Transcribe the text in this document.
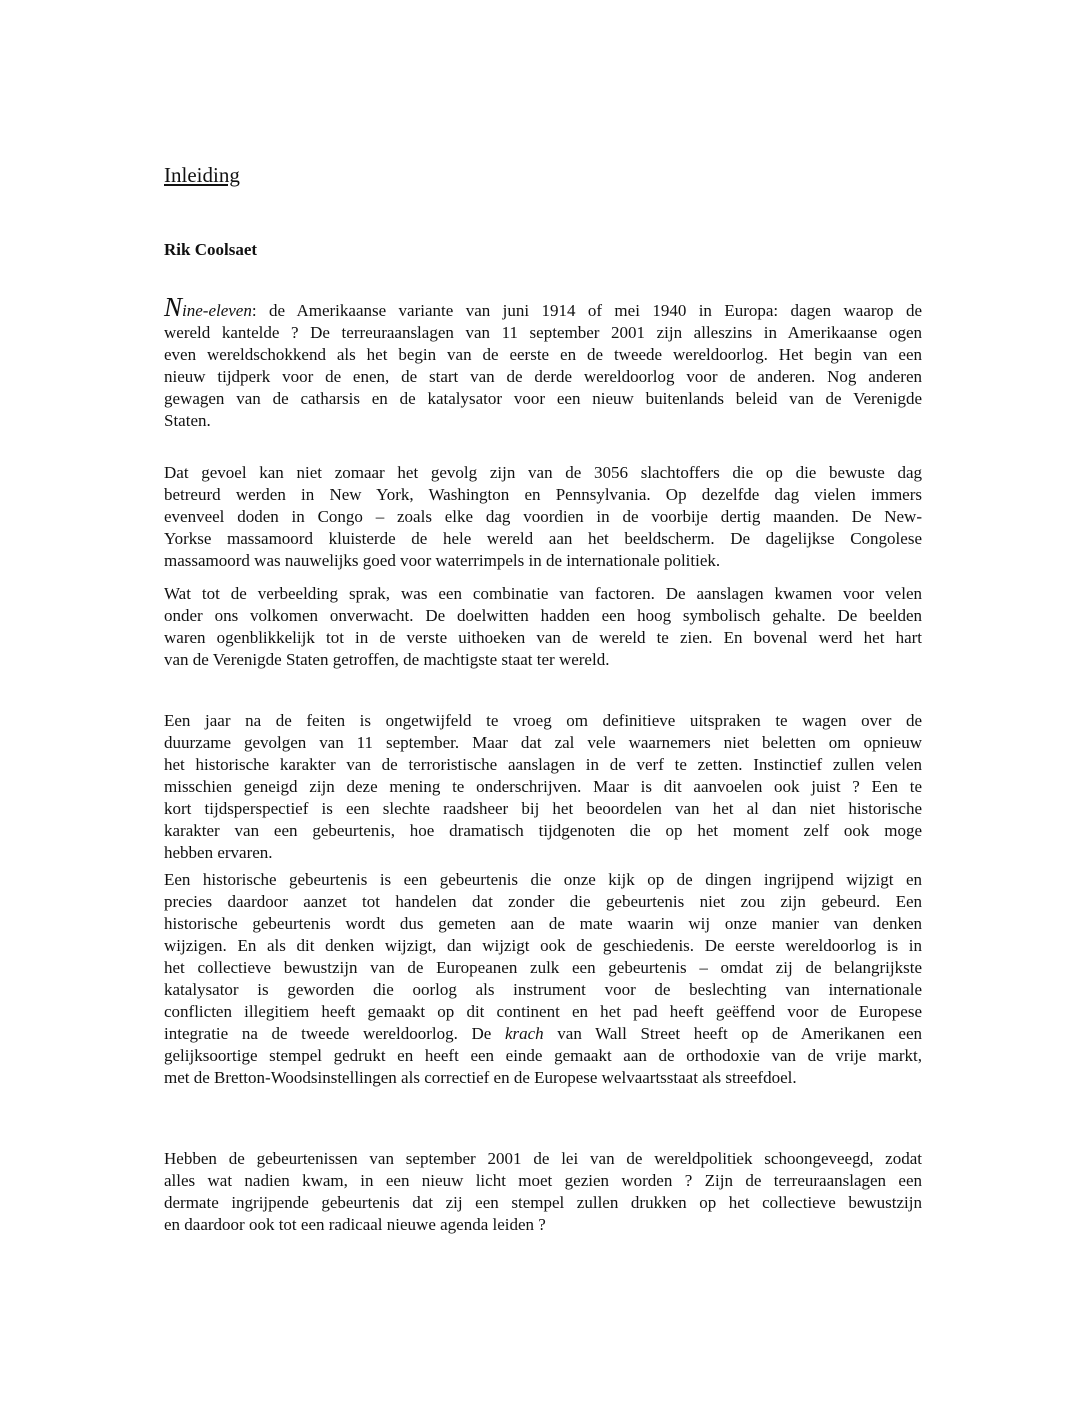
Inleiding
Rik Coolsaet
Nine-eleven: de Amerikaanse variante van juni 1914 of mei 1940 in Europa: dagen waarop de
wereld kantelde ? De terreuraanslagen van 11 september 2001 zijn alleszins in Amerikaanse ogen
even wereldschokkend als het begin van de eerste en de tweede wereldoorlog. Het begin van een
nieuw tijdperk voor de enen, de start van de derde wereldoorlog voor de anderen. Nog anderen
gewagen van de catharsis en de katalysator voor een nieuw buitenlands beleid van de Verenigde
Staten.
Dat gevoel kan niet zomaar het gevolg zijn van de 3056 slachtoffers die op die bewuste dag
betreurd werden in New York, Washington en Pennsylvania. Op dezelfde dag vielen immers
evenveel doden in Congo – zoals elke dag voordien in de voorbije dertig maanden. De New-
Yorkse massamoord kluisterde de hele wereld aan het beeldscherm. De dagelijkse Congolese
massamoord was nauwelijks goed voor waterrimpels in de internationale politiek.
Wat tot de verbeelding sprak, was een combinatie van factoren. De aanslagen kwamen voor velen
onder ons volkomen onverwacht. De doelwitten hadden een hoog symbolisch gehalte. De beelden
waren ogenblikkelijk tot in de verste uithoeken van de wereld te zien. En bovenal werd het hart
van de Verenigde Staten getroffen, de machtigste staat ter wereld.
Een jaar na de feiten is ongetwijfeld te vroeg om definitieve uitspraken te wagen over de
duurzame gevolgen van 11 september. Maar dat zal vele waarnemers niet beletten om opnieuw
het historische karakter van de terroristische aanslagen in de verf te zetten. Instinctief zullen velen
misschien geneigd zijn deze mening te onderschrijven. Maar is dit aanvoelen ook juist ? Een te
kort tijdsperspectief is een slechte raadsheer bij het beoordelen van het al dan niet historische
karakter van een gebeurtenis, hoe dramatisch tijdgenoten die op het moment zelf ook moge
hebben ervaren.
Een historische gebeurtenis is een gebeurtenis die onze kijk op de dingen ingrijpend wijzigt en
precies daardoor aanzet tot handelen dat zonder die gebeurtenis niet zou zijn gebeurd. Een
historische gebeurtenis wordt dus gemeten aan de mate waarin wij onze manier van denken
wijzigen. En als dit denken wijzigt, dan wijzigt ook de geschiedenis. De eerste wereldoorlog is in
het collectieve bewustzijn van de Europeanen zulk een gebeurtenis – omdat zij de belangrijkste
katalysator is geworden die oorlog als instrument voor de beslechting van internationale
conflicten illegitiem heeft gemaakt op dit continent en het pad heeft geëffend voor de Europese
integratie na de tweede wereldoorlog. De krach van Wall Street heeft op de Amerikanen een
gelijksoortige stempel gedrukt en heeft een einde gemaakt aan de orthodoxie van de vrije markt,
met de Bretton-Woodsinstellingen als correctief en de Europese welvaartsstaat als streefdoel.
Hebben de gebeurtenissen van september 2001 de lei van de wereldpolitiek schoongeveegd, zodat
alles wat nadien kwam, in een nieuw licht moet gezien worden ? Zijn de terreuraanslagen een
dermate ingrijpende gebeurtenis dat zij een stempel zullen drukken op het collectieve bewustzijn
en daardoor ook tot een radicaal nieuwe agenda leiden ?
